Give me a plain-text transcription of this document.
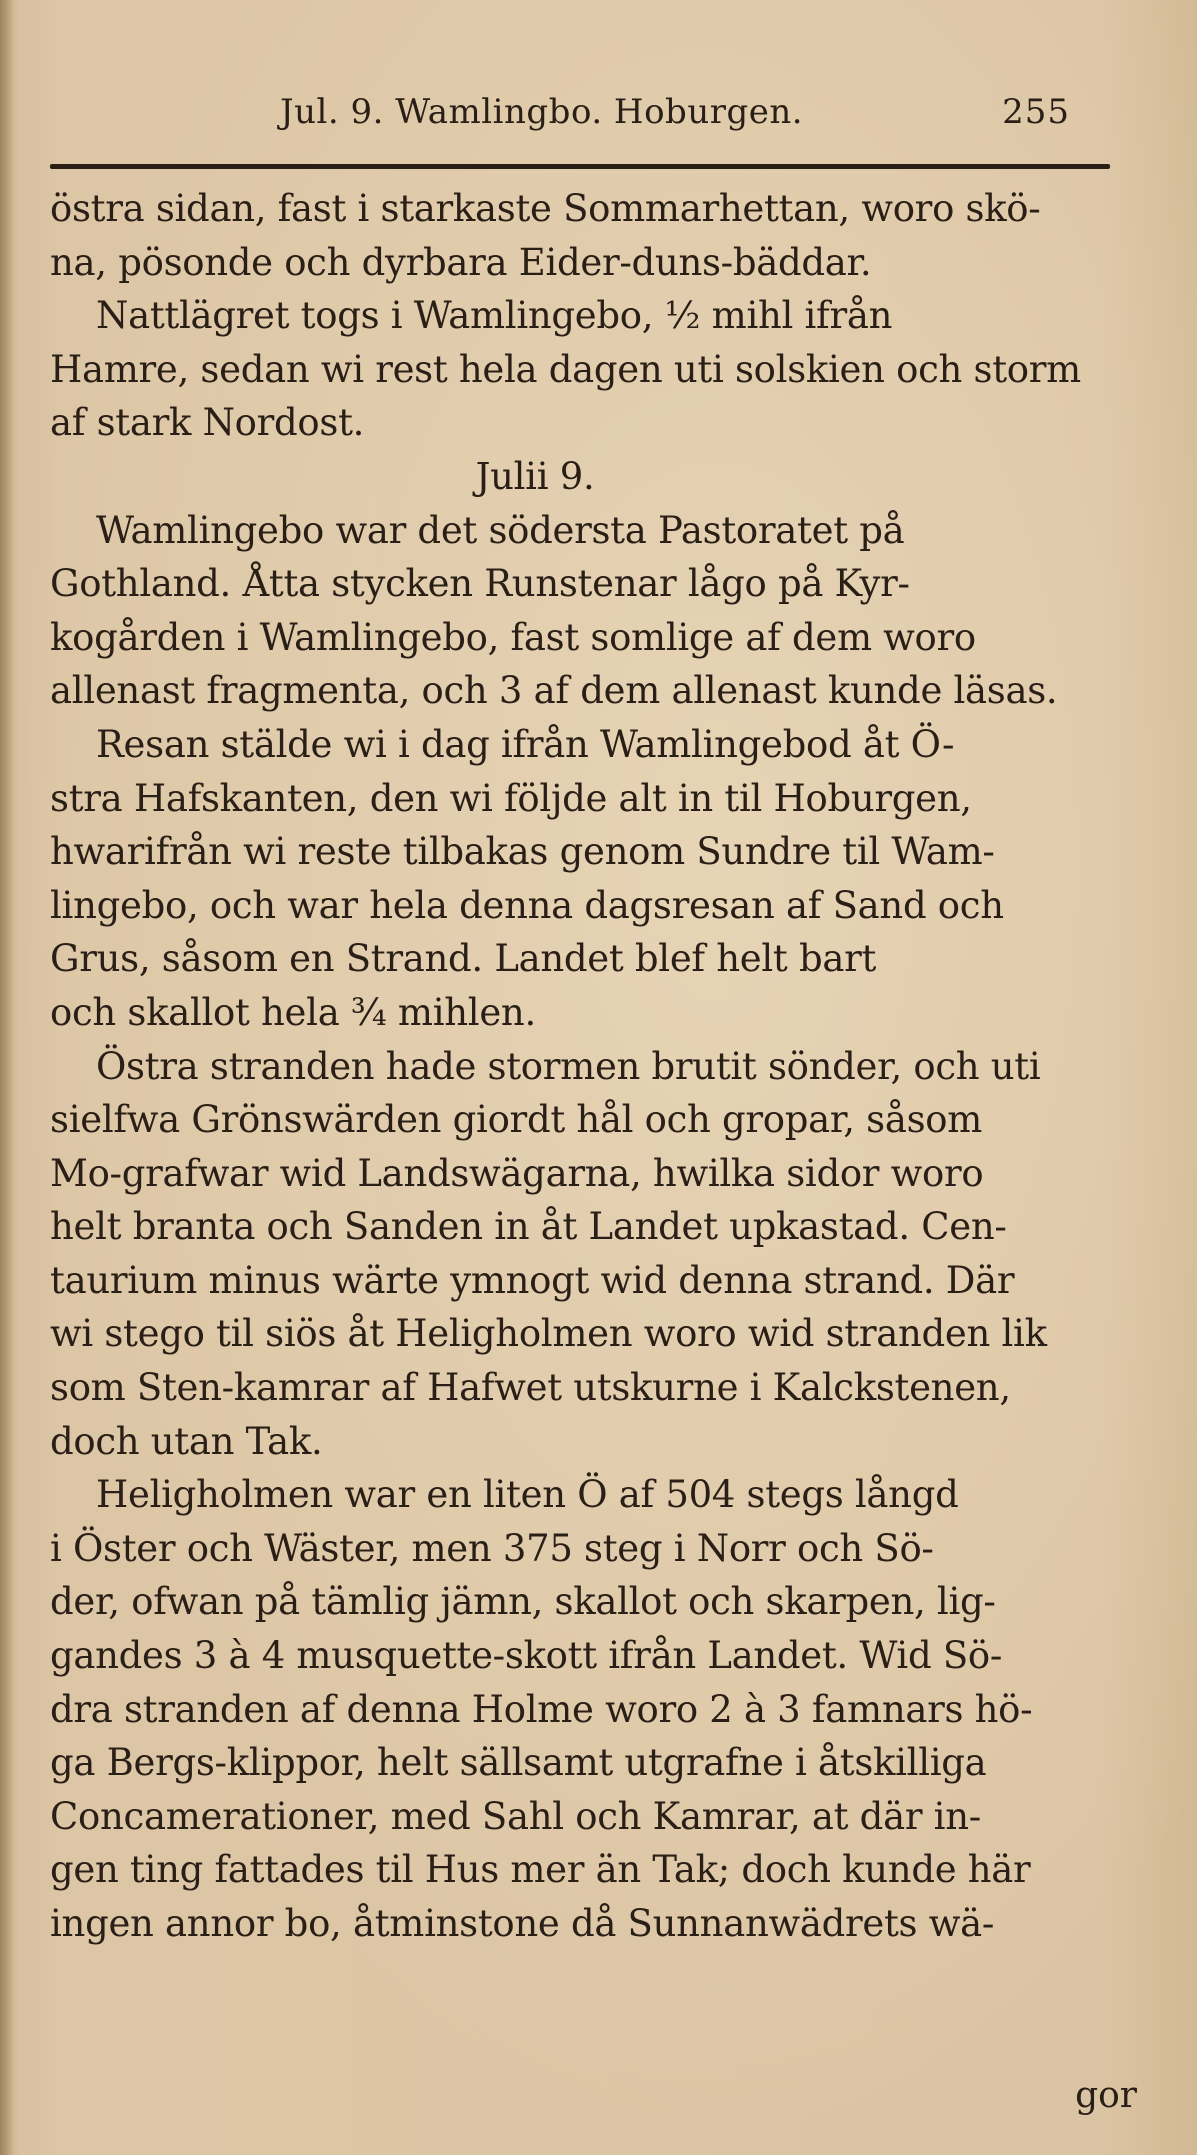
Jul. 9. Wamlingbo. Hoburgen.	255
östra sidan, fast i starkaste Sommarhettan, woro skö-
na, pösonde och dyrbara Eider-duns-bäddar.
Nattlägret togs i Wamlingebo, ½ mihl ifrån
Hamre, sedan wi rest hela dagen uti solskien och storm
af stark Nordost.
Julii 9.
Wamlingebo war det södersta Pastoratet på
Gothland. Åtta stycken Runstenar lågo på Kyr-
kogården i Wamlingebo, fast somlige af dem woro
allenast fragmenta, och 3 af dem allenast kunde läsas.
Resan stälde wi i dag ifrån Wamlingebod åt Ö-
stra Hafskanten, den wi följde alt in til Hoburgen,
hwarifrån wi reste tilbakas genom Sundre til Wam-
lingebo, och war hela denna dagsresan af Sand och
Grus, såsom en Strand. Landet blef helt bart
och skallot hela ¾ mihlen.
Östra stranden hade stormen brutit sönder, och uti
sielfwa Grönswärden giordt hål och gropar, såsom
Mo-grafwar wid Landswägarna, hwilka sidor woro
helt branta och Sanden in åt Landet upkastad. Cen-
taurium minus wärte ymnogt wid denna strand. Där
wi stego til siös åt Heligholmen woro wid stranden lik
som Sten-kamrar af Hafwet utskurne i Kalckstenen,
doch utan Tak.
Heligholmen war en liten Ö af 504 stegs långd
i Öster och Wäster, men 375 steg i Norr och Sö-
der, ofwan på tämlig jämn, skallot och skarpen, lig-
gandes 3 à 4 musquette-skott ifrån Landet. Wid Sö-
dra stranden af denna Holme woro 2 à 3 famnars hö-
ga Bergs-klippor, helt sällsamt utgrafne i åtskilliga
Concamerationer, med Sahl och Kamrar, at där in-
gen ting fattades til Hus mer än Tak; doch kunde här
ingen annor bo, åtminstone då Sunnanwädrets wä-
gor
